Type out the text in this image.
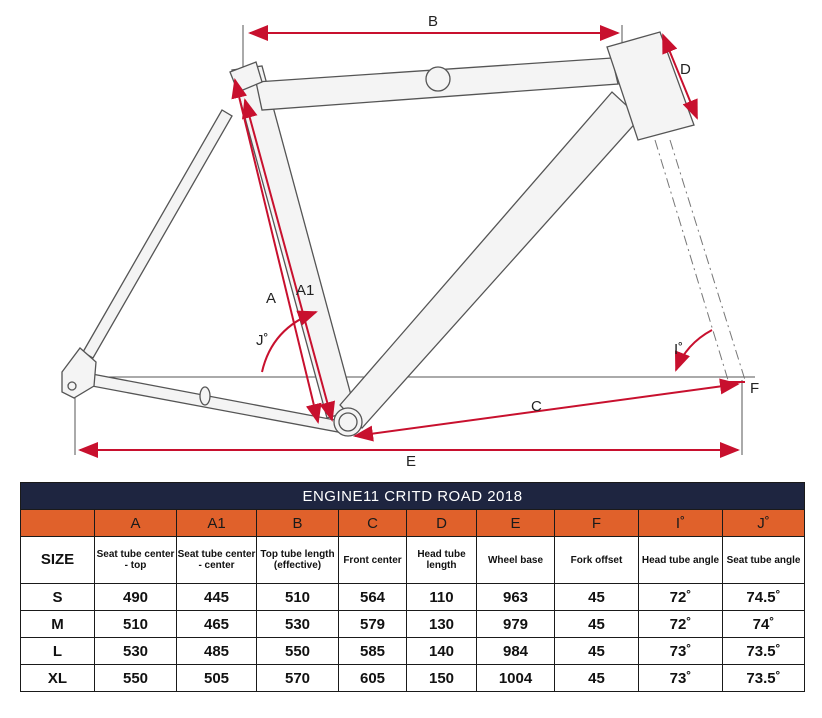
B
D
A A1
J˚
I˚
C
E
F
ENGINE11 CRITD ROAD 2018									
	A	A1	B	C	D	E	F	I˚	J˚
SIZE	Seat tube center - top	Seat tube center - center	Top tube length (effective)	Front center	Head tube length	Wheel base	Fork offset	Head tube angle	Seat tube angle
S	490	445	510	564	110	963	45	72˚	74.5˚
M	510	465	530	579	130	979	45	72˚	74˚
L	530	485	550	585	140	984	45	73˚	73.5˚
XL	550	505	570	605	150	1004	45	73˚	73.5˚
